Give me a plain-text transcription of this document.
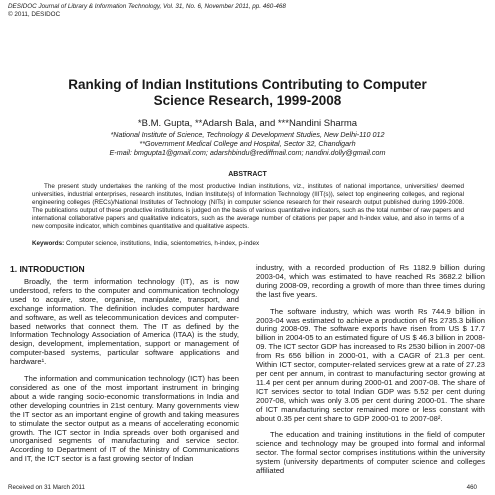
DESIDOC Journal of Library & Information Technology, Vol. 31, No. 6, November 2011, pp. 460-468
© 2011, DESIDOC
Ranking of Indian Institutions Contributing to Computer
Science Research, 1999-2008
*B.M. Gupta, **Adarsh Bala, and ***Nandini Sharma
*National Institute of Science, Technology & Development Studies, New Delhi-110 012
**Government Medical College and Hospital, Sector 32, Chandigarh
E-mail: bmgupta1@gmail.com; adarshbindu@rediffmail.com; nandini.dolly@gmail.com
ABSTRACT

The present study undertakes the ranking of the most productive Indian institutions, viz., institutes of national importance, universities/ deemed universities, industrial enterprises, research institutes, Indian Institute(s) of Information Technology (IIIT(s)), select top engineering colleges, and regional engineering colleges (RECs)/National Institutes of Technology (NITs) in computer science research for their research output published during 1999-2008. The publications output of these productive institutions is judged on the basis of various quantitative indicators, such as the total number of raw papers and international collaborative papers and qualitative indicators, such as the average number of citations per paper and h-index value, and also in terms of a new composite indicator, which combines quantitative and qualitative aspects.

Keywords: Computer science, institutions, India, scientometrics, h-index, p-index
1. INTRODUCTION

Broadly, the term information technology (IT), as is now understood, refers to the computer and communication technology used to acquire, store, organise, manipulate, transport, and exchange information. The definition includes computer hardware and software, as well as telecommunication devices and computer-based networks that connect them. The IT as defined by the Information Technology Association of America (ITAA) is the study, design, development, implementation, support or management of computer-based systems, particular software applications and hardware¹.

The information and communication technology (ICT) has been considered as one of the most important instrument in bringing about a wide ranging socio-economic transformations in India and other developing countries in 21st century. Many governments view the IT sector as an important engine of growth and taking measures to stimulate the sector output as a means of accelerating economic growth. The ICT sector in India spreads over both organised and unorganised segments of manufacturing and service sector. According to Department of IT of the Ministry of Communications and IT, the ICT sector is a fast growing sector of Indian

industry, with a recorded production of Rs 1182.9 billion during 2003-04, which was estimated to have reached Rs 3682.2 billion during 2008-09, recording a growth of more than three times during the last five years.

The software industry, which was worth Rs 744.9 billion in 2003-04 was estimated to achieve a production of Rs 2735.3 billion during 2008-09. The software exports have risen from US $ 17.7 billion in 2004-05 to an estimated figure of US $ 46.3 billion in 2008-09. The ICT sector GDP has increased to Rs 2530 billion in 2007-08 from Rs 656 billion in 2000-01, with a CAGR of 21.3 per cent. Within ICT sector, computer-related services grew at a rate of 27.23 per cent per annum, in contrast to manufacturing sector growing at 11.4 per cent per annum during 2000-01 and 2007-08. The share of ICT services sector to total Indian GDP was 5.52 per cent during 2007-08, which was only 3.05 per cent during 2000-01. The share of ICT manufacturing sector remained more or less constant with about 0.35 per cent share to GDP 2000-01 to 2007-08².

The education and training institutions in the field of computer science and technology may be grouped into formal and informal sector. The formal sector comprises institutions within the university system (university departments of computer science and colleges affiliated

Received on 31 March 2011	460
